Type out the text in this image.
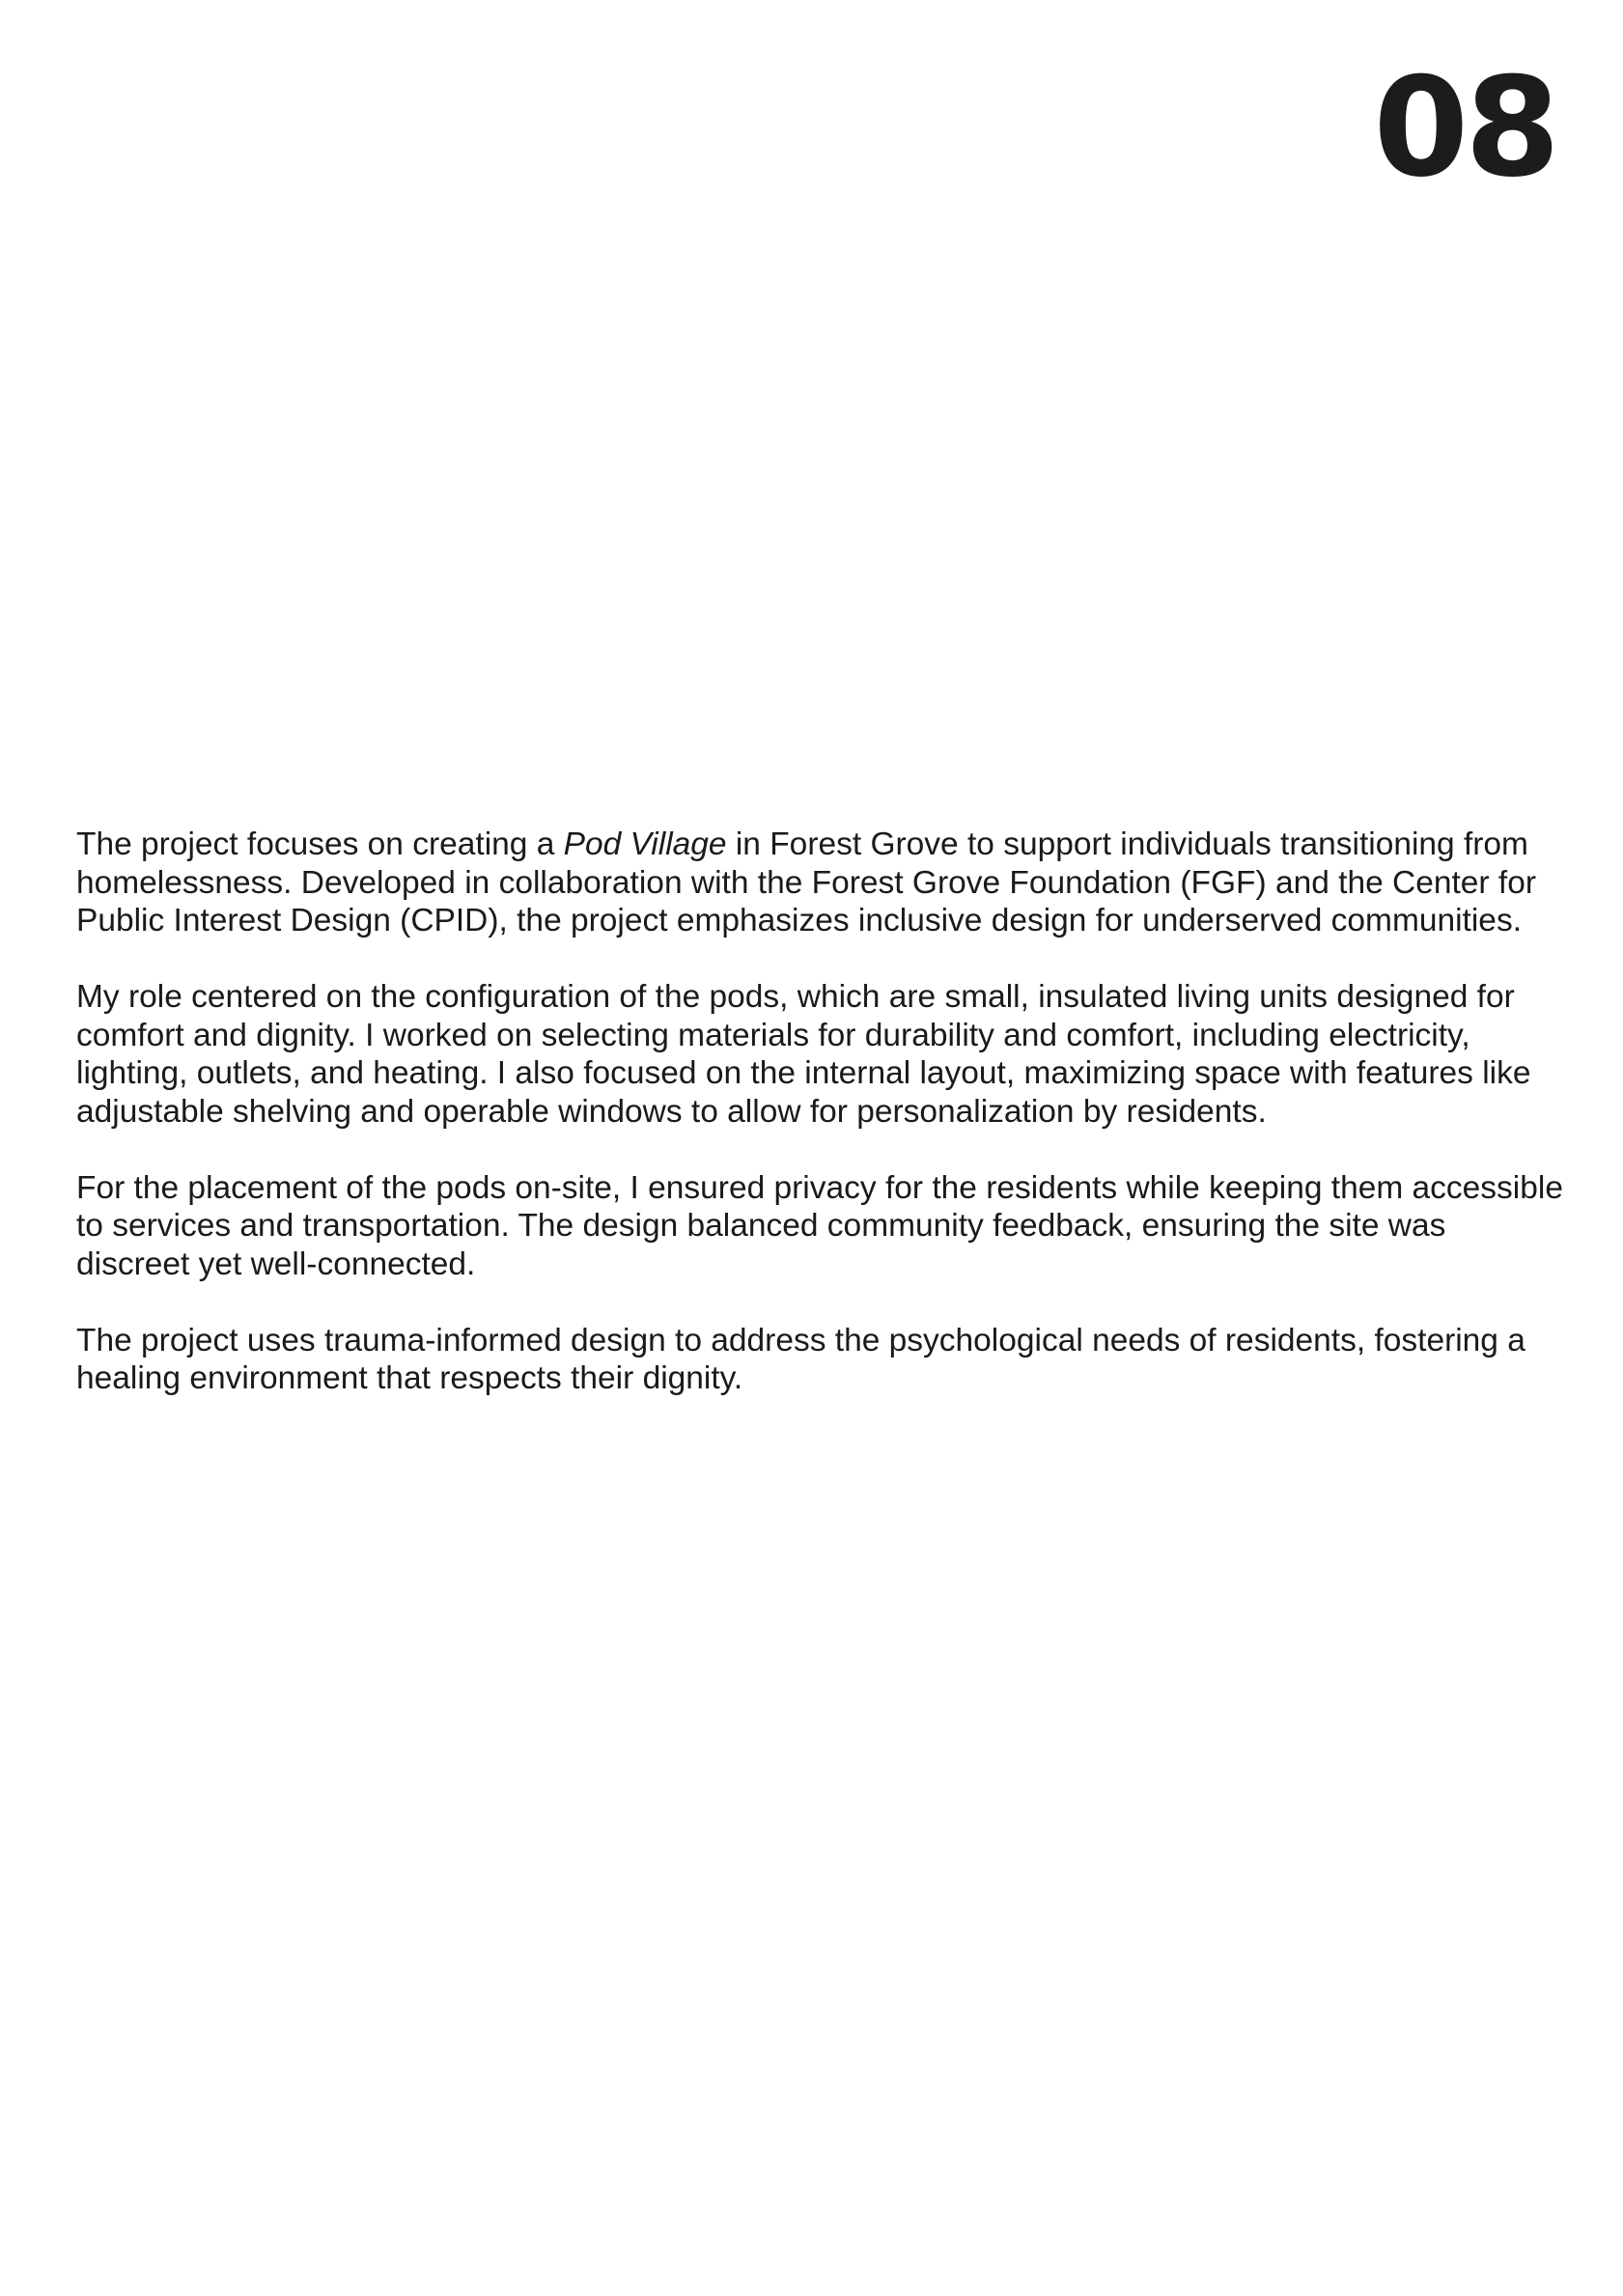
08

The project focuses on creating a Pod Village in Forest Grove to support individuals transitioning from homelessness. Developed in collaboration with the Forest Grove Foundation (FGF) and the Center for Public Interest Design (CPID), the project emphasizes inclusive design for underserved communities.

My role centered on the configuration of the pods, which are small, insulated living units designed for comfort and dignity. I worked on selecting materials for durability and comfort, including electricity, lighting, outlets, and heating. I also focused on the internal layout, maximizing space with features like adjustable shelving and operable windows to allow for personalization by residents.

For the placement of the pods on-site, I ensured privacy for the residents while keeping them accessible to services and transportation. The design balanced community feedback, ensuring the site was discreet yet well-connected.

The project uses trauma-informed design to address the psychological needs of residents, fostering a healing environment that respects their dignity.
